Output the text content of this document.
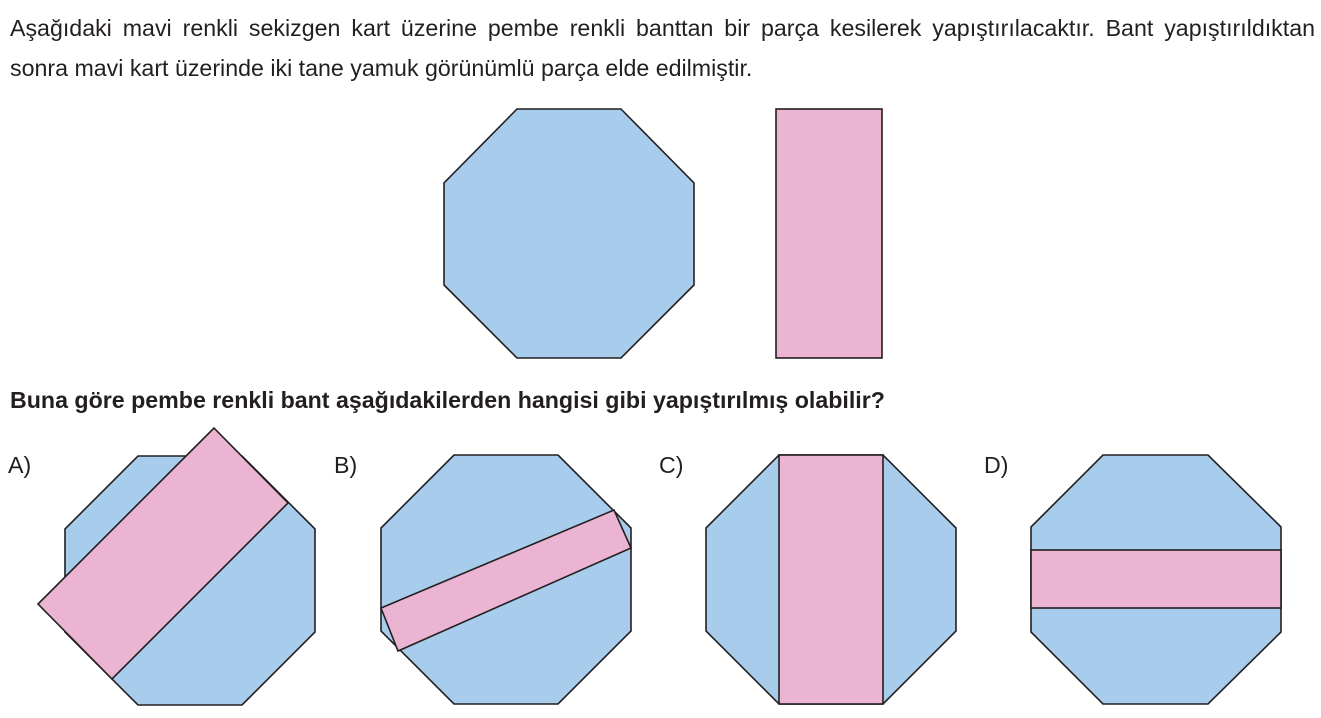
Aşağıdaki mavi renkli sekizgen kart üzerine pembe renkli banttan bir parça kesilerek yapıştırılacaktır. Bant yapıştırıldıktan sonra mavi kart üzerinde iki tane yamuk görünümlü parça elde edilmiştir.

Buna göre pembe renkli bant aşağıdakilerden hangisi gibi yapıştırılmış olabilir?

A)	B)	C)	D)
